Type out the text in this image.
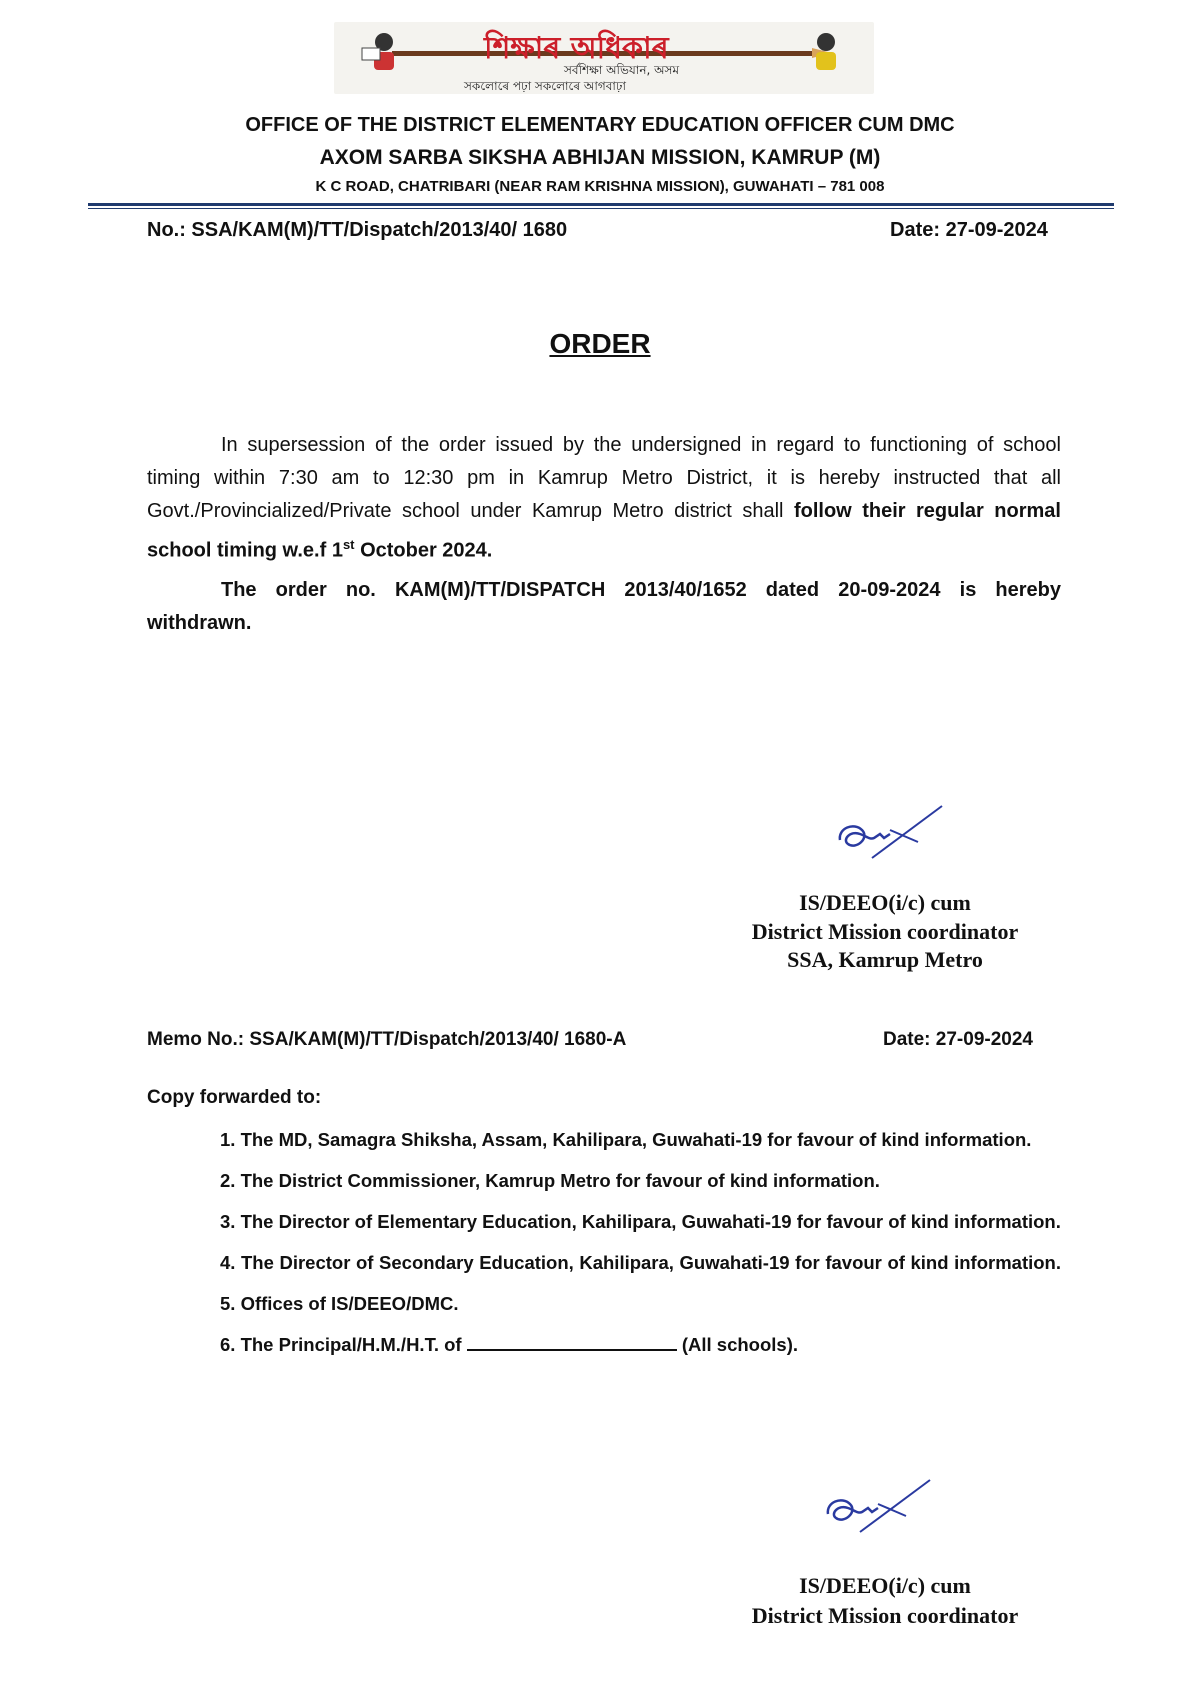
শিক্ষাৰ অধিকাৰ
সৰ্বশিক্ষা অভিযান, অসম
সকলোৰে পঢ়া সকলোৰে আগবাঢ়া
OFFICE OF THE DISTRICT ELEMENTARY EDUCATION OFFICER CUM DMC
AXOM SARBA SIKSHA ABHIJAN MISSION, KAMRUP (M)
K C ROAD, CHATRIBARI (NEAR RAM KRISHNA MISSION), GUWAHATI – 781 008
No.: SSA/KAM(M)/TT/Dispatch/2013/40/ 1680	Date: 27-09-2024
ORDER

In supersession of the order issued by the undersigned in regard to functioning of school timing within 7:30 am to 12:30 pm in Kamrup Metro District, it is hereby instructed that all Govt./Provincialized/Private school under Kamrup Metro district shall follow their regular normal school timing w.e.f 1st October 2024.

The order no. KAM(M)/TT/DISPATCH 2013/40/1652 dated 20-09-2024 is hereby withdrawn.

IS/DEEO(i/c) cum
District Mission coordinator
SSA, Kamrup Metro
Memo No.: SSA/KAM(M)/TT/Dispatch/2013/40/ 1680-A	Date: 27-09-2024
Copy forwarded to:
1. The MD, Samagra Shiksha, Assam, Kahilipara, Guwahati-19 for favour of kind information.
2. The District Commissioner, Kamrup Metro for favour of kind information.
3. The Director of Elementary Education, Kahilipara, Guwahati-19 for favour of kind information.
4. The Director of Secondary Education, Kahilipara, Guwahati-19 for favour of kind information. 5. Offices of IS/DEEO/DMC.
6. The Principal/H.M./H.T. of	(All schools).
IS/DEEO(i/c) cum
District Mission coordinator
